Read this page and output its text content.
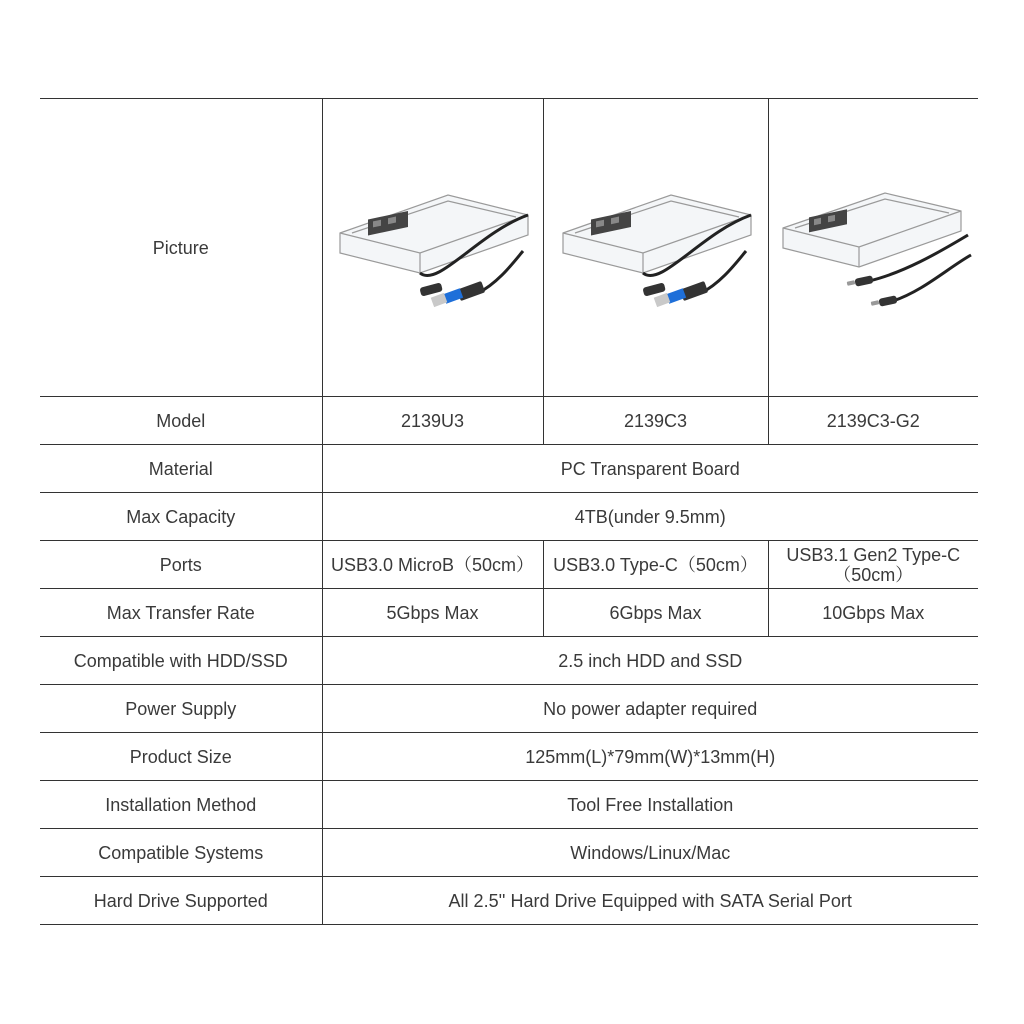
Picture	

Model	2139U3	2139C3	2139C3-G2
Material	PC Transparent Board		
Max Capacity	4TB(under 9.5mm)		
Ports	USB3.0 MicroB（50cm）	USB3.0 Type-C（50cm）	USB3.1 Gen2 Type-C
（50cm）

Max Transfer Rate	5Gbps Max	6Gbps Max	10Gbps Max
Compatible with HDD/SSD	2.5 inch HDD and SSD		
Power Supply	No power adapter required		
Product Size	125mm(L)*79mm(W)*13mm(H)		
Installation Method	Tool Free Installation		
Compatible Systems	Windows/Linux/Mac		
Hard Drive Supported	All 2.5'' Hard Drive Equipped with SATA Serial Port		
